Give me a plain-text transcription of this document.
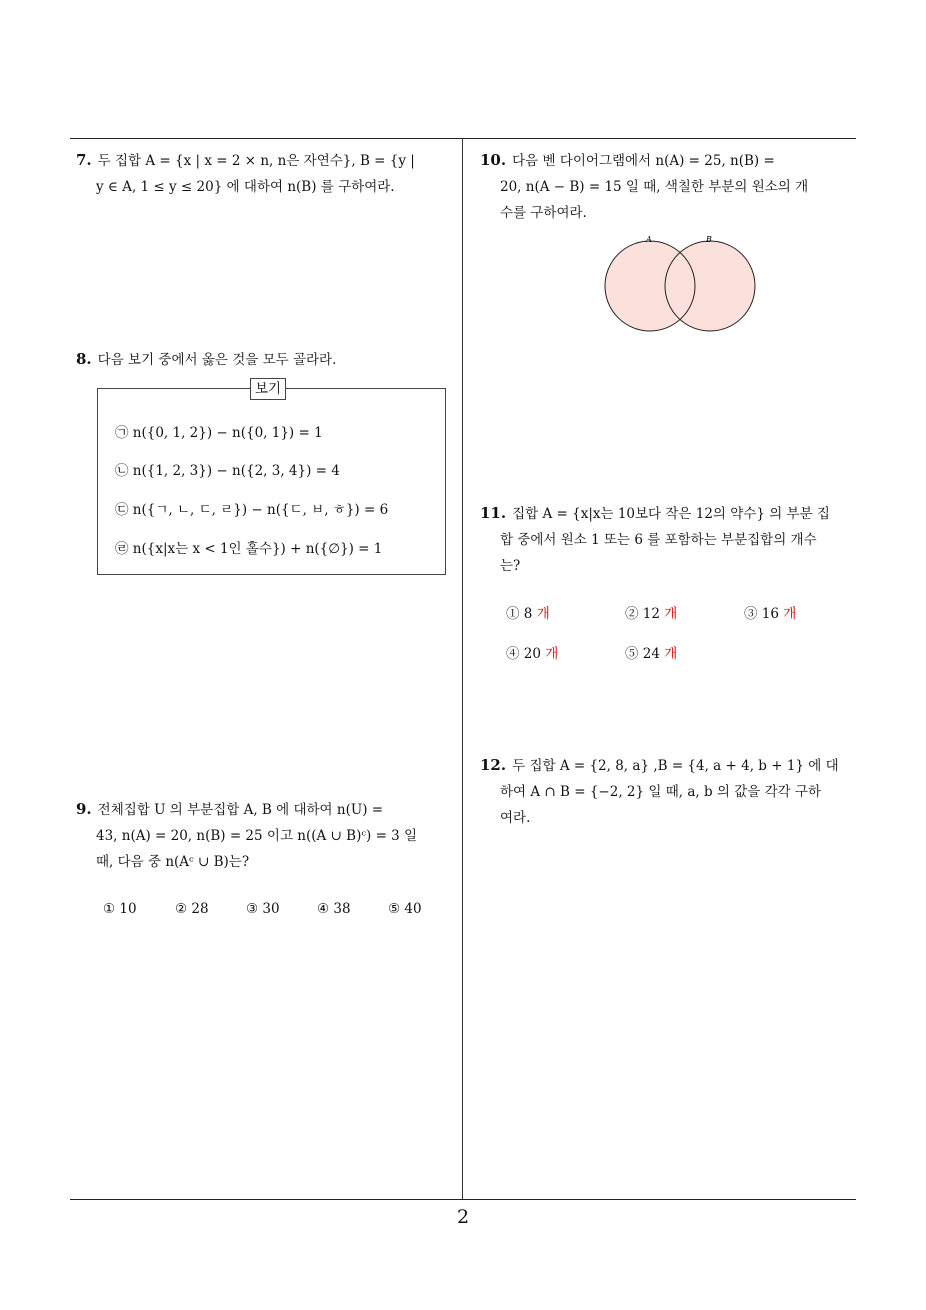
2
7. 두 집합 A = {x | x = 2 × n, n은 자연수}, B = {y |
y ∈ A, 1 ≤ y ≤ 20} 에 대하여 n(B) 를 구하여라.
8. 다음 보기 중에서 옳은 것을 모두 골라라.
보기
㉠ n({0, 1, 2}) − n({0, 1}) = 1
㉡ n({1, 2, 3}) − n({2, 3, 4}) = 4
㉢ n({ㄱ, ㄴ, ㄷ, ㄹ}) − n({ㄷ, ㅂ, ㅎ}) = 6
㉣ n({x|x는 x < 1인 홀수}) + n({∅}) = 1
9. 전체집합 U 의 부분집합 A, B 에 대하여 n(U) =
43, n(A) = 20, n(B) = 25 이고 n((A ∪ B)ᶜ) = 3 일
때, 다음 중 n(Aᶜ ∪ B)는?
① 10	② 28	③ 30	④ 38	⑤ 40
10. 다음 벤 다이어그램에서 n(A) = 25, n(B) =
20, n(A − B) = 15 일 때, 색칠한 부분의 원소의 개
수를 구하여라.
A	B
11. 집합 A = {x|x는 10보다 작은 12의 약수} 의 부분 집
합 중에서 원소 1 또는 6 를 포함하는 부분집합의 개수
는?
① 8 개	② 12 개	③ 16 개
④ 20 개	⑤ 24 개
12. 두 집합 A = {2, 8, a} ,B = {4, a + 4, b + 1} 에 대
하여 A ∩ B = {−2, 2} 일 때, a, b 의 값을 각각 구하
여라.
